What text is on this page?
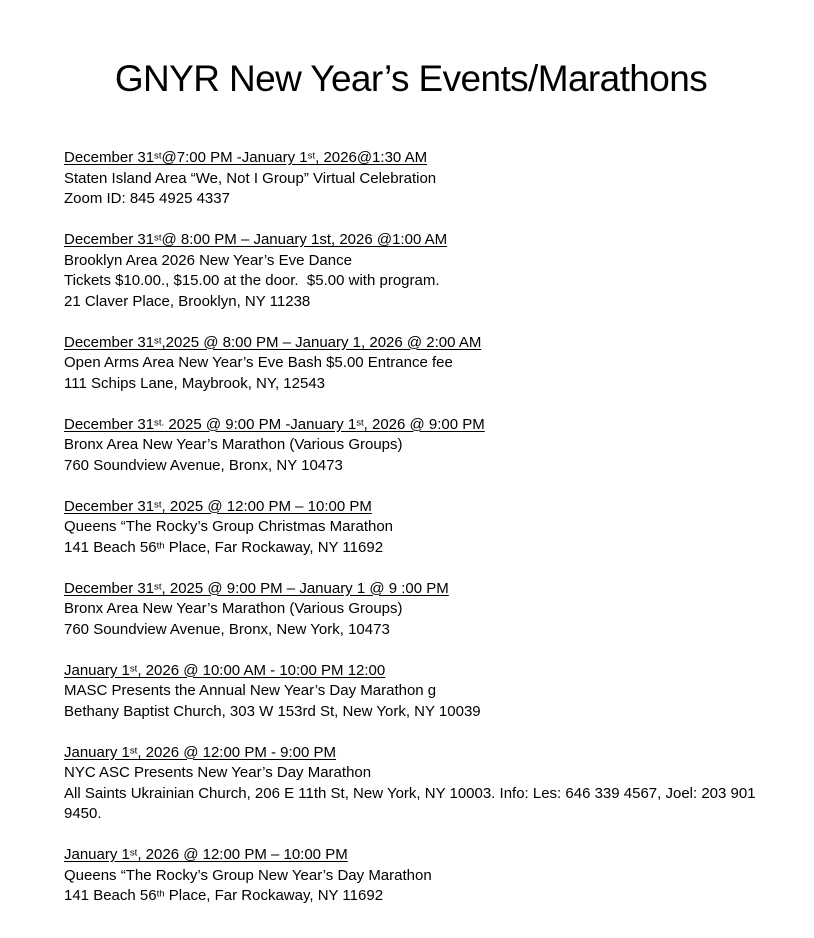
GNYR New Year’s Events/Marathons
December 31st@7:00 PM -January 1st, 2026@1:30 AM
Staten Island Area “We, Not I Group” Virtual Celebration
Zoom ID: 845 4925 4337
December 31st@ 8:00 PM – January 1st, 2026 @1:00 AM
Brooklyn Area 2026 New Year’s Eve Dance
Tickets $10.00., $15.00 at the door.  $5.00 with program.
21 Claver Place, Brooklyn, NY 11238
December 31st,2025 @ 8:00 PM – January 1, 2026 @ 2:00 AM
Open Arms Area New Year’s Eve Bash $5.00 Entrance fee
111 Schips Lane, Maybrook, NY, 12543
December $31^{st.}$ 2025 @ 9:00 PM -January 1st, 2026 @ 9:00 PM
Bronx Area New Year’s Marathon (Various Groups)
760 Soundview Avenue, Bronx, NY 10473
December 31st, 2025 @ 12:00 PM – 10:00 PM
Queens “The Rocky’s Group Christmas Marathon
141 Beach 56th Place, Far Rockaway, NY 11692
December 31st, 2025 @ 9:00 PM – January 1 @ 9 :00 PM
Bronx Area New Year’s Marathon (Various Groups)
760 Soundview Avenue, Bronx, New York, 10473
January 1st, 2026 @ 10:00 AM - 10:00 PM 12:00
MASC Presents the Annual New Year’s Day Marathon g
Bethany Baptist Church, 303 W 153rd St, New York, NY 10039
January 1st, 2026 @ 12:00 PM - 9:00 PM
NYC ASC Presents New Year’s Day Marathon
All Saints Ukrainian Church, 206 E 11th St, New York, NY 10003. Info: Les: 646 339 4567, Joel: 203 901 9450.
January 1st, 2026 @ 12:00 PM – 10:00 PM
Queens “The Rocky’s Group New Year’s Day Marathon
141 Beach 56th Place, Far Rockaway, NY 11692
